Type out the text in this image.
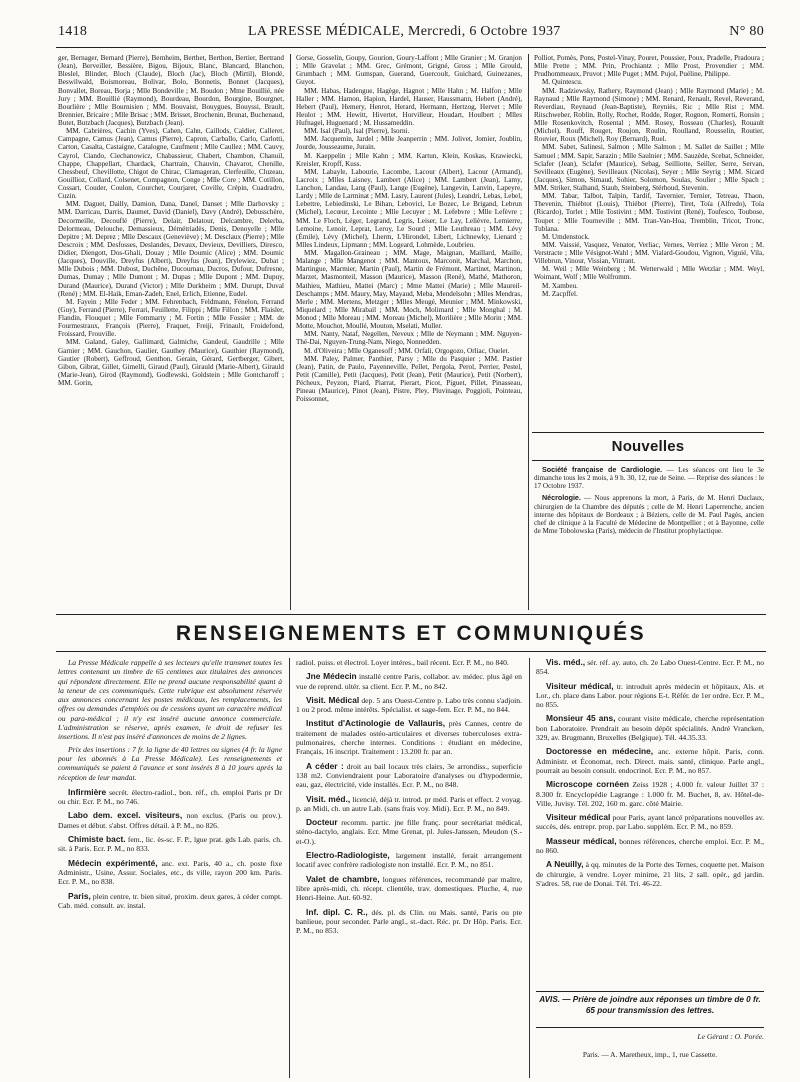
1418	LA PRESSE MÉDICALE, Mercredi, 6 Octobre 1937	N° 80

ger, Bernager, Bernard (Pierre), Bernheim, Berthet, Berthon, Bertier, Bertrand (Jean), Berveiller, Bessière, Bigou, Bijoux, Blanc, Blancard, Blanchon, Bleslel, Blinder, Bloch (Claude), Bloch (Jac), Bloch (Mirtil), Blondé, Beswilwald, Boismoreau, Bolivar, Bolo, Bonnetis, Bonnet (Jacques), Bonvallet, Boreau, Borja ; Mlle Bondeville ; M. Boudon ; Mme Bouillié, née Jury ; MM. Bouillié (Raymond), Bourdeau, Bourdon, Bourgine, Bourgnet, Bourlière ; Mlle Bournisien ; MM. Bouvaist, Bouygues, Bouyssi, Brault, Brennier, Bricaire ; Mlle Brisac ; MM. Brisset, Brochenin, Brunat, Buchenaud, Butet, Butzbach (Jacques), Butzbach (Jean).

MM. Cabrières, Cachin (Yves), Cahen, Cahn, Caillods, Caldier, Calleret, Campagne, Camus (Jean), Camus (Pierre), Capron, Carballo, Carlo, Carlotti, Carton, Casalta, Castaigne, Catalogne, Caufment ; Mlle Caullez ; MM. Cauvy, Cayrol, Ciando, Ciechanowicz, Chabassieur, Chabert, Chambon, Chanuil, Chappe, Chappellart, Chardack, Chartrain, Chauvin, Chavarot, Chenille, Chessbeuf, Chevillotte, Chigot de Chirac, Clamageran, Clerfeuille, Cluzeau, Gouillioz, Collard, Colsenet, Compagnon, Conge ; Mlle Core ; MM. Cotillon, Cossart, Couder, Coulon, Courchet, Courjaret, Coville, Crépin, Cuadradro, Cuzin.

MM. Daguet, Dailly, Damion, Dana, Danel, Danset ; Mlle Darhovsky ; MM. Darricau, Darris, Daumet, David (Daniel), Davy (André), Debusschère, Decormeille, Decouflé (Pierre), Delair, Delatour, Delcambre, Delerba, Delormeau, Delouche, Demassieux, Démétriadès, Denis, Denoyelle ; Mlle Depitre ; M. Deprez ; Mlle Descaux (Geneviève) ; M. Desclaux (Pierre) ; Mlle Descroix ; MM. Desfosses, Deslandes, Devaux, Devieux, Devilliers, Diresco, Didier, Diengott, Dos-Ghali, Douay ; Mlle Doumic (Alice) ; MM. Doumic (Jacques), Douville, Dreyfus (Albert), Dreyfus (Jean), Drylewiez, Dubat ; Mlle Dubois ; MM. Dubost, Duchêne, Ducournau, Ducros, Dufour, Dufresne, Dumas, Dumay ; Mlle Dumont ; M. Dupas ; Mlle Dupont ; MM. Dupuy, Durand (Maurice), Durand (Victor) ; Mlle Durkheim ; MM. Durupt, Duval (René) ; MM. El-Haik, Eman-Zadeh, Enel, Erlich, Etienne, Eudel.

M. Fayein ; Mlle Feder ; MM. Fehrenbach, Feldmann, Fénelon, Ferrand (Guy), Ferrand (Pierre), Ferrari, Feuillette, Filippi ; Mlle Fillon ; MM. Flaisler, Flandin, Flouquet ; Mlle Fommarty ; M. Fortin ; Mlle Fossier ; MM. de Fourmestraux, François (Pierre), Fraquet, Freiji, Frinault, Froidefond, Froissard, Frouville.

MM. Galand, Galey, Gallimard, Galmiche, Gandeul, Gaudrille ; Mlle Garnier ; MM. Gauchon, Gaulier, Gauthey (Maurice), Gauthier (Raymond), Gautier (Robert), Geffroud, Genthon, Gerain, Gérard, Gertberger, Gibert, Gibon, Gibrat, Gillet, Gimelli, Giraud (Paul), Girauld (Marie-Albert), Girauld (Marie-Jean), Girod (Raymond), Godlewski, Goldstein ; Mlle Gontcharoff ; MM. Gorin,

Gorse, Gosselin, Goupy, Gourion, Goury-Laffont ; Mlle Granier ; M. Granjon ; Mlle Gravelat ; MM. Grec, Grémont, Grigné, Gross ; Mlle Grould, Grumbach ; MM. Gumspan, Guerand, Guercoult, Guichard, Guinezanes, Guyot.

MM. Habas, Hadengue, Hagège, Hagnot ; Mlle Hahn ; M. Halfon ; Mlle Haller ; MM. Hamon, Hapion, Hardel, Hauser, Haussmann, Hebert (André), Hebert (Paul), Hemery, Henrot, Herard, Hermann, Hertzog, Hervet ; Mlle Heulot ; MM. Hewitt, Hivertet, Horvilleur, Houdart, Houlbert ; Mlles Hufnagel, Huguenard ; M. Hussameddin.

MM. Isal (Paul), Isal (Pierre), Isorni.

MM. Jacquemin, Jardel ; Mlle Jeanperrin ; MM. Jolivet, Jomier, Joublin, Jourde, Jousseaume, Jurain.

M. Kaeppelin ; Mlle Kahn ; MM. Kartun, Klein, Koskas, Krawiecki, Kreisler, Kropff, Kuss.

MM. Labayle, Labourie, Lacombe, Lacour (Albert), Lacour (Armand), Lacroix ; Mlles Laisney, Lambert (Alice) ; MM. Lambert (Jean), Lamy, Lanchon, Landau, Lang (Paul), Lange (Eugène), Langevin, Lanvin, Lapeyre, Lardy ; Mlle de Larminat ; MM. Lasry, Laurent (Jules), Leandri, Lebas, Lebel, Lebettre, Lebiedinski, Le Bihan, Lebovici, Le Bozec, Le Brigand, Lebrun (Michel), Lecœur, Lecointe ; Mlle Lecuyer ; M. Lefebvre ; Mlle Lefèvre ; MM. Le Floch, Léger, Legrand, Legris, Leiser, Le Lay, Lelièvre, Lemierre, Lemoine, Lenoir, Leprat, Leroy, Le Sourd ; Mlle Leuthreau ; MM. Lévy (Émile), Lévy (Michel), Lherm, L'Hirondel, Libert, Lichnewky, Lienard ; Mlles Lindeux, Lipmann ; MM. Logeard, Lohmède, Loubrieu.

MM. Magallon-Graineau ; MM. Mage, Maignan, Maillard, Maille, Malange ; Mlle Mangenot ; MM. Mantoux, Marconit, Marchal, Marchon, Martingue, Marmier, Martin (Paul), Martin de Frémont, Martinet, Martinon, Marzet, Masmonteil, Masson (Maurice), Masson (René), Mathé, Mathoron, Mathieu, Mathieu, Mattei (Marc) ; Mme Mattei (Marie) ; Mlle Maureil-Deschamps ; MM. Maury, May, Mayaud, Meba, Mendelsohn ; Mlles Mendras, Merle ; MM. Mertens, Metzger ; Mlles Meugé, Meunier ; MM. Minkowski, Miquelard ; Mlle Mirabail ; MM. Moch, Molimard ; Mlle Monghal ; M. Monod ; Mlle Moreau ; MM. Moreau (Michel), Morilière ; Mlle Morin ; MM. Motte, Mouchot, Moullé, Mouton, Mselati, Muller.

MM. Nanty, Nataf, Negellen, Neveux ; Mlle de Neymann ; MM. Nguyen-Thé-Dai, Nguyen-Trung-Nam, Niego, Nonnedden.

M. d'Oliveira ; Mlle Oganesoff ; MM. Orfali, Orgogozo, Orliac, Ouelet.

MM. Paley, Palmer, Panthier, Parsy ; Mlle du Pasquier ; MM. Pastier (Jean), Patin, de Paulo, Payenneville, Pellet, Pergola, Perol, Perrier, Pestel, Petit (Camille), Petit (Jacques), Petit (Jean), Petit (Maurice), Petit (Norbert), Pécheux, Peyzon, Piard, Piarrat, Pierart, Picot, Piguet, Pillet, Pinasseau, Pineau (Maurice), Pinot (Jean), Pistre, Pley, Pluvinage, Poggioli, Pointeau, Poissonnet,

Polliot, Pomès, Pons, Postel-Vinay, Pouret, Poussier, Poux, Pradelle, Pradoura ; Mlle Prette ; MM. Prin, Prochiantz ; Mlle Prost, Provendier ; MM. Prudhommeaux, Pruvot ; Mlle Puget ; MM. Pujol, Puéline, Philippe.

M. Quintescu.

MM. Radziewsky, Rathery, Raymond (Jean) ; Mlle Raymond (Marie) ; M. Raynaud ; Mlle Raymond (Simone) ; MM. Renard, Renault, Revel, Reverand, Reverdiau, Reynaud (Jean-Baptiste), Reyniès, Ric ; Mlle Rist ; MM. Ritschweber, Roblin, Rolly, Rochet, Rodde, Roger, Rognon, Romerti, Ronsin ; Mlle Rosenkovitch, Rosental ; MM. Rosey, Rosseau (Charles), Rouault (Michel), Rouff, Rouget, Roujon, Roulin, Roulland, Rousselin, Routier, Rouvier, Roux (Michel), Roy (Bernard), Ruel.

MM. Sabet, Salinesi, Salmon ; Mlle Salmon ; M. Sallet de Saillet ; Mlle Samuel ; MM. Sapir, Sarazin ; Mlle Saulnier ; MM. Sauzède, Scebat, Schneider, Sclafer (Jean), Sclafer (Maurice), Sebag, Seilliotte, Seiller, Serre, Servan, Sevilleaux (Eugène), Sevilleaux (Nicolas), Seyer ; Mlle Seyrig ; MM. Sicard (Jacques), Simon, Simaud, Sohier, Solomon, Soulas, Soulier ; Mlle Spach ; MM. Striker, Stalhand, Staub, Steinberg, Stérhoud, Stevenin.

MM. Tabar, Talbot, Talpin, Tardif, Tavernier, Ternier, Tetreau, Thaon, Thevenin, Thiébtot (Louis), Thiébot (Pierre), Tiret, Toïa (Alfredo), Toïa (Ricardo), Torlet ; Mlle Tostivint ; MM. Tostivint (René), Toufesco, Toubose, Toupet ; Mlle Tourneville ; MM. Tran-Van-Hoa, Tremblin, Tricot, Tronc, Tublana.

M. Umdenstock.

MM. Vaissié, Vasquez, Venator, Verliac, Vernes, Verriez ; Mlle Veron ; M. Verstracte ; Mlle Vésignot-Wahl ; MM. Vialard-Goudou, Vignon, Viguié, Vila, Villebrun, Vinour, Vissian, Vittrant.

M. Weil ; Mlle Weinberg ; M. Wetterwald ; Mlle Wetzlar ; MM. Weyl, Woimant, Wolf ; Mlle Wolfromm.

M. Xambeu.

M. Zacpffel.

Nouvelles

Société française de Cardiologie. — Les séances ont lieu le 3e dimanche tous les 2 mois, à 9 h. 30, 12, rue de Seine. — Reprise des séances : le 17 Octobre 1937.

Nécrologie. — Nous apprenons la mort, à Paris, de M. Henri Duclaux, chirurgien de la Chambre des députés ; celle de M. Henri Laperrenche, ancien interne des hôpitaux de Bordeaux ; à Béziers, celle de M. Paul Pagès, ancien chef de clinique à la Faculté de Médecine de Montpellier ; et à Bayonne, celle de Mme Tobolowska (Paris), médecin de l'Institut prophylactique.

RENSEIGNEMENTS ET COMMUNIQUÉS

La Presse Médicale rappelle à ses lecteurs qu'elle transmet toutes les lettres contenant un timbre de 65 centimes aux titulaires des annonces qui répondent directement. Elle ne prend aucune responsabilité quant à la teneur de ces communiqués. Cette rubrique est absolument réservée aux annonces concernant les postes médicaux, les remplacements, les offres ou demandes d'emplois ou de cessions ayant un caractère médical ou para-médical ; il n'y est inséré aucune annonce commerciale. L'administration se réserve, après examen, le droit de refuser les insertions. Il n'est pas inséré d'annonces de moins de 2 lignes.

Prix des insertions : 7 fr. la ligne de 40 lettres ou signes (4 fr. la ligne pour les abonnés à La Presse Médicale). Les renseignements et communiqués se paient à l'avance et sont insérés 8 à 10 jours après la réception de leur mandat.

Infirmière secrét. électro-radiol., bon. réf., ch. emploi Paris pr Dr ou chir. Ecr. P. M., no 746.

Labo dem. excel. visiteurs, non exclus. (Paris ou prov.). Dames et début. s'abst. Offres détail. à P. M., no 826.

Chimiste bact. fem., lic. ès-sc. F. P., lgue prat. gds Lab. paris. ch. sit. à Paris. Ecr. P. M., no 833.

Médecin expérimenté, anc. ext. Paris, 40 a., ch. poste fixe Administr., Usine, Assur. Sociales, etc., ds ville, rayon 200 km. Paris. Ecr. P. M., no 838.

Paris, plein centre, tr. bien situé, proxim. deux gares, à céder compt. Cab. méd. consult. av. instal.

radiol. puiss. et électrol. Loyer intéres., bail récent. Ecr. P. M., no 840.

Jne Médecin installé centre Paris, collabor. av. médec. plus âgé en vue de reprend. ultér. sa client. Ecr. P. M., no 842.

Visit. Médical dep. 5 ans Ouest-Centre p. Labo très connu s'adjoin. 1 ou 2 prod. même intérêts. Spécialist. et sage-fem. Ecr. P. M., no 844.

Institut d'Actinologie de Vallauris, près Cannes, centre de traitement de malades ostéo-articulaires et diverses tuberculoses extra-pulmonaires, cherche internes. Conditions : étudiant en médecine, Français, 16 inscript. Traitement : 13.200 fr. par an.

A céder : droit au bail locaux très clairs, 3e arrondiss., superficie 138 m2. Conviendraient pour Laboratoire d'analyses ou d'hypodermie, eau, gaz, électricité, vide installés. Ecr. P. M., no 848.

Visit. méd., licencié, déjà tr. introd. pr méd. Paris et effect. 2 voyag. p. an Midi, ch. un autre Lab. (sans frais voy. Midi). Ecr. P. M., no 849.

Docteur recomm. partic. jne fille franç. pour secrétariat médical, sténo-dactylo, anglais. Ecr. Mme Grenat, pl. Jules-Janssen, Meudon (S.-et-O.).

Electro-Radiologiste, largement installé, ferait arrangement locatif avec confrère radiologiste non installé. Ecr. P. M., no 851.

Valet de chambre, longues références, recommandé par maître, libre après-midi, ch. récept. clientèle, trav. domestiques. Pluche, 4, rue Henri-Heine. Aut. 60-92.

Inf. dipl. C. R., dés. pl. ds Clin. ou Mais. santé, Paris ou pte banlieue, pour seconder. Parle angl., st.-dact. Réc. pr. Dr Hôp. Paris. Ecr. P. M., no 853.

Vis. méd., sér. réf. ay. auto, ch. 2e Labo Ouest-Centre. Ecr. P. M., no 854.

Visiteur médical, tr. introduit après médecin et hôpitaux, Als. et Lor., ch. place dans Labor. pour régions E-t. Référ. de 1er ordre. Ecr. P. M., no 855.

Monsieur 45 ans, courant visite médicale, cherche représentation bon Laboratoire. Prendrait au besoin dépôt spécialités. André Vrancken, 329, av. Brugmann, Bruxelles (Belgique). Tél. 44.35.33.

Doctoresse en médecine, anc. externe hôpit. Paris, conn. Administr. et Économat, rech. Direct. mais. santé, clinique. Parle angl., pourrait au besoin consult. endocrinol. Ecr. P. M., no 857.

Microscope cornéen Zeiss 1928 ; 4.000 fr. valeur Juillet 37 : 8.300 fr. Encyclopédie Lagrange : 1.000 fr. M. Buchet, 8, av. Hôtel-de-Ville, Juvisy. Tél. 202, 160 m. garc. côté Mairie.

Visiteur médical pour Paris, ayant lancé préparations nouvelles av. succès, dés. entrepr. prop. par Labo. supplém. Ecr. P. M., no 859.

Masseur médical, bonnes références, cherche emploi. Ecr. P. M., no 860.

A Neuilly, à qq. minutes de la Porte des Ternes, coquette pet. Maison de chirurgie, à vendre. Loyer minime, 21 lits, 2 sall. opér., gd jardin. S'adres. 58, rue de Donai. Tél. Tri. 46-22.

AVIS. — Prière de joindre aux réponses un timbre de 0 fr. 65 pour transmission des lettres.
Le Gérant : O. Porée.
Paris. — A. Maretheux, imp., 1, rue Cassette.
